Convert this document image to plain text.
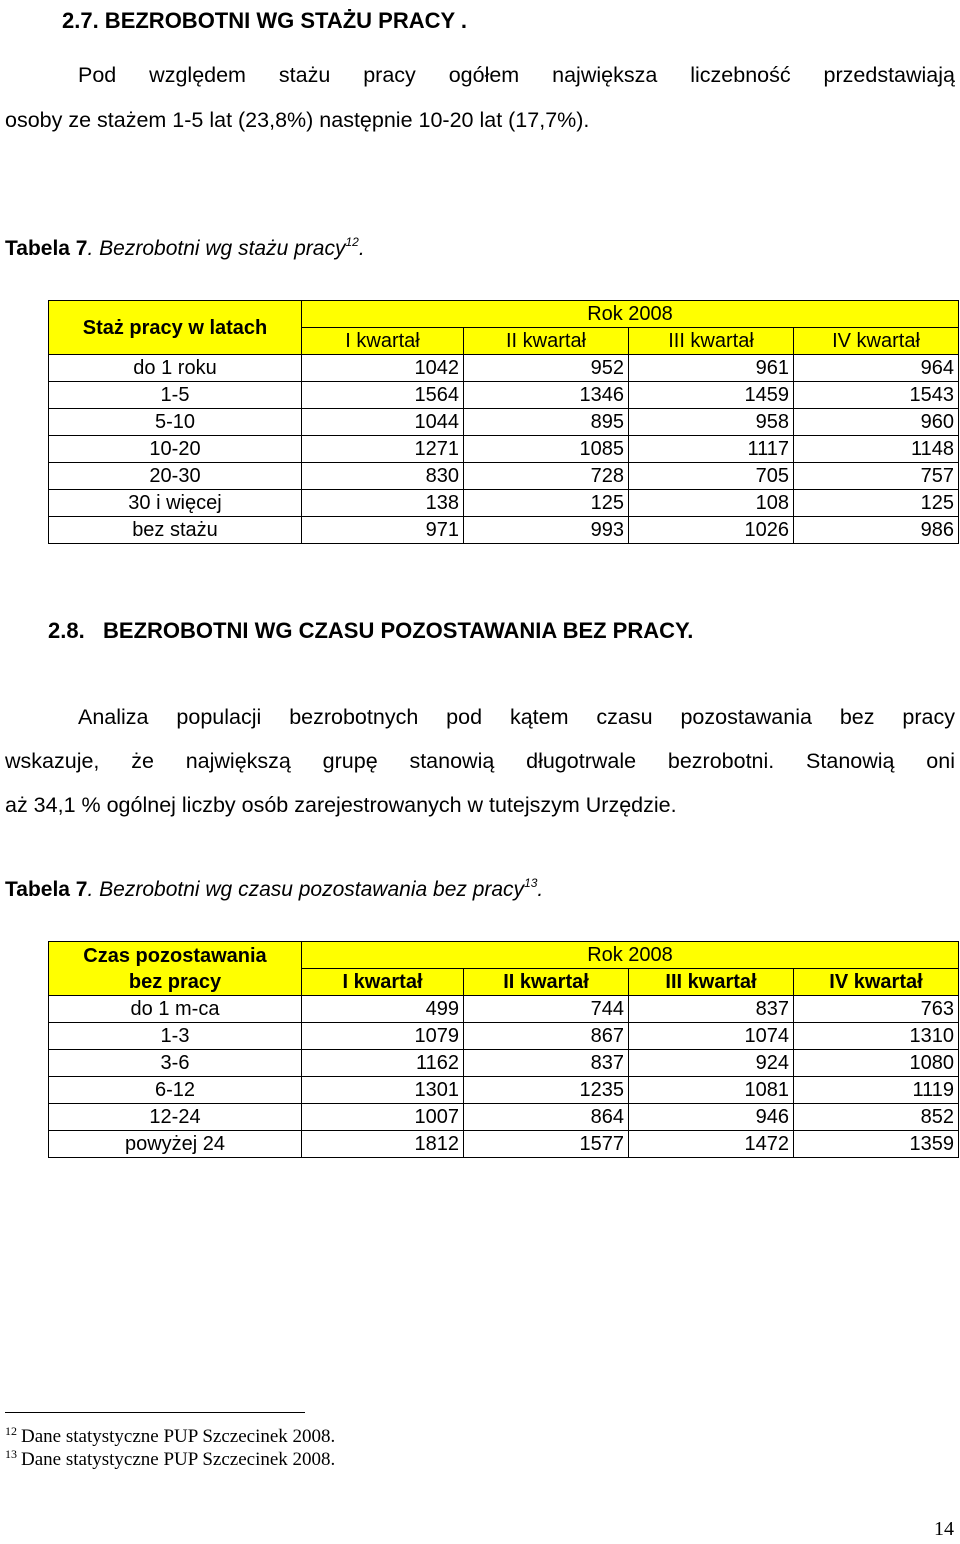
2.7. BEZROBOTNI WG STAŻU PRACY .
Pod względem stażu pracy ogółem największa liczebność przedstawiają
osoby ze stażem 1-5 lat (23,8%) następnie 10-20 lat (17,7%).
Tabela 7. Bezrobotni wg stażu pracy$^{12}$.
Staż pracy w latach	Rok 2008			
	I kwartał	II kwartał	III kwartał	IV kwartał
do 1 roku	1042	952	961	964
1-5	1564	1346	1459	1543
5-10	1044	895	958	960
10-20	1271	1085	1117	1148
20-30	830	728	705	757
30 i więcej	138	125	108	125
bez stażu	971	993	1026	986
2.8.   BEZROBOTNI WG CZASU POZOSTAWANIA BEZ PRACY.
Analiza populacji bezrobotnych pod kątem czasu pozostawania bez pracy
wskazuje, że największą grupę stanowią długotrwale bezrobotni. Stanowią oni
aż 34,1 % ogólnej liczby osób zarejestrowanych w tutejszym Urzędzie.
Tabela 7. Bezrobotni wg czasu pozostawania bez pracy$^{13}$.
Czas pozostawania
bez pracy	Rok 2008			
	I kwartał	II kwartał	III kwartał	IV kwartał
do 1 m-ca	499	744	837	763
1-3	1079	867	1074	1310
3-6	1162	837	924	1080
6-12	1301	1235	1081	1119
12-24	1007	864	946	852
powyżej 24	1812	1577	1472	1359
$^{12}$ Dane statystyczne PUP Szczecinek 2008.
$^{13}$ Dane statystyczne PUP Szczecinek 2008.
14
